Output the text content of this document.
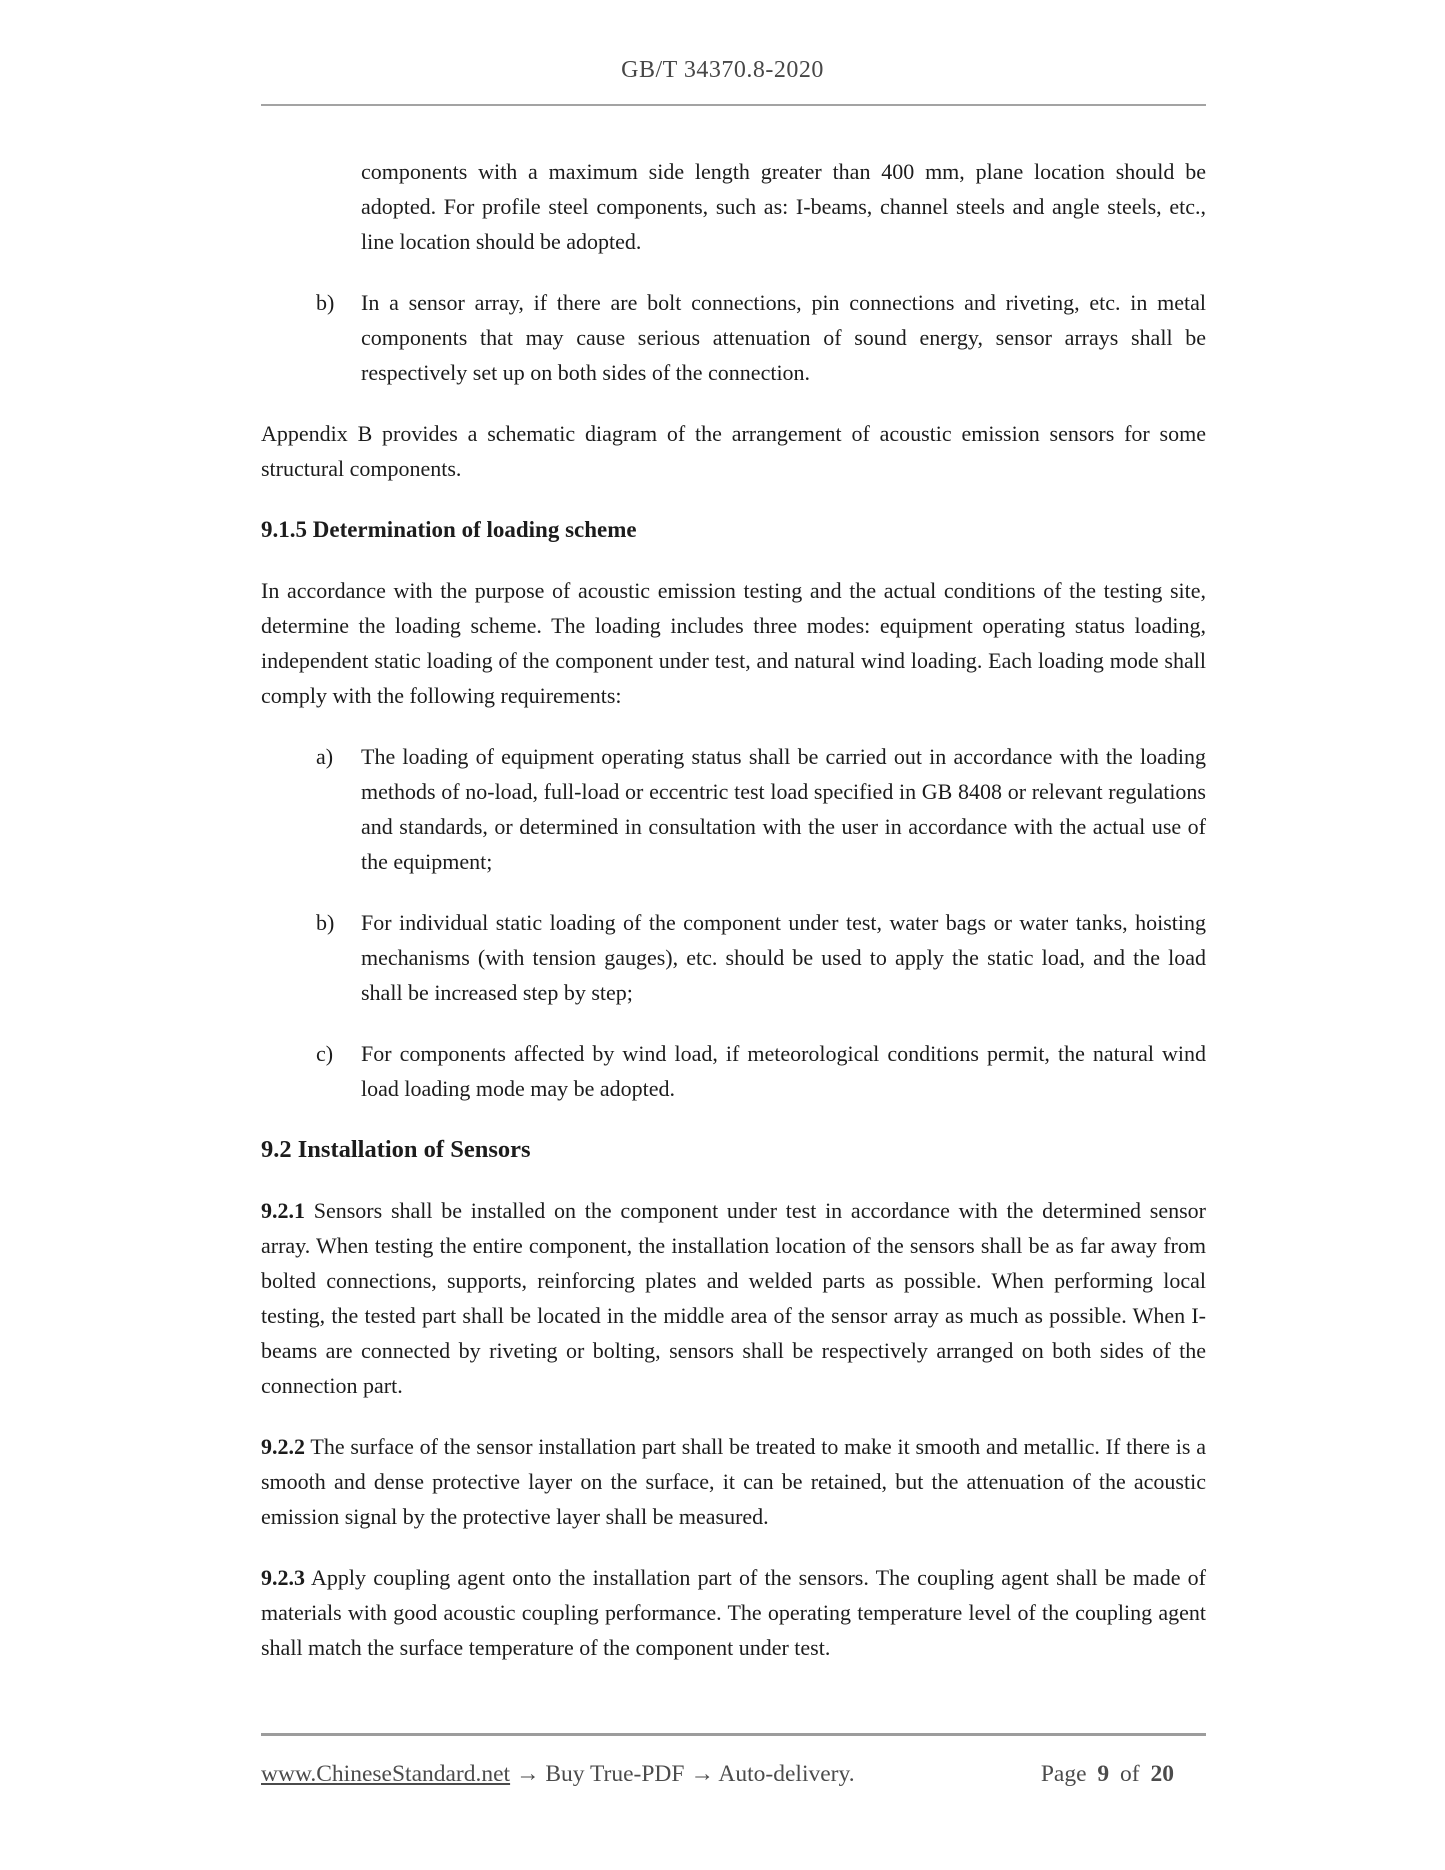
GB/T 34370.8-2020

components with a maximum side length greater than 400 mm, plane location should be adopted. For profile steel components, such as: I-beams, channel steels and angle steels, etc., line location should be adopted.

b)	In a sensor array, if there are bolt connections, pin connections and riveting, etc. in metal components that may cause serious attenuation of sound energy, sensor arrays shall be respectively set up on both sides of the connection.

Appendix B provides a schematic diagram of the arrangement of acoustic emission sensors for some structural components.

9.1.5 Determination of loading scheme

In accordance with the purpose of acoustic emission testing and the actual conditions of the testing site, determine the loading scheme. The loading includes three modes: equipment operating status loading, independent static loading of the component under test, and natural wind loading. Each loading mode shall comply with the following requirements:

a)	The loading of equipment operating status shall be carried out in accordance with the loading methods of no-load, full-load or eccentric test load specified in GB 8408 or relevant regulations and standards, or determined in consultation with the user in accordance with the actual use of the equipment;
b)	For individual static loading of the component under test, water bags or water tanks, hoisting mechanisms (with tension gauges), etc. should be used to apply the static load, and the load shall be increased step by step;
c)	For components affected by wind load, if meteorological conditions permit, the natural wind load loading mode may be adopted.
9.2 Installation of Sensors

9.2.1 Sensors shall be installed on the component under test in accordance with the determined sensor array. When testing the entire component, the installation location of the sensors shall be as far away from bolted connections, supports, reinforcing plates and welded parts as possible. When performing local testing, the tested part shall be located in the middle area of the sensor array as much as possible. When I-beams are connected by riveting or bolting, sensors shall be respectively arranged on both sides of the connection part.

9.2.2 The surface of the sensor installation part shall be treated to make it smooth and metallic. If there is a smooth and dense protective layer on the surface, it can be retained, but the attenuation of the acoustic emission signal by the protective layer shall be measured.

9.2.3 Apply coupling agent onto the installation part of the sensors. The coupling agent shall be made of materials with good acoustic coupling performance. The operating temperature level of the coupling agent shall match the surface temperature of the component under test.

www.ChineseStandard.net → Buy True-PDF → Auto-delivery.	Page 9 of 20
